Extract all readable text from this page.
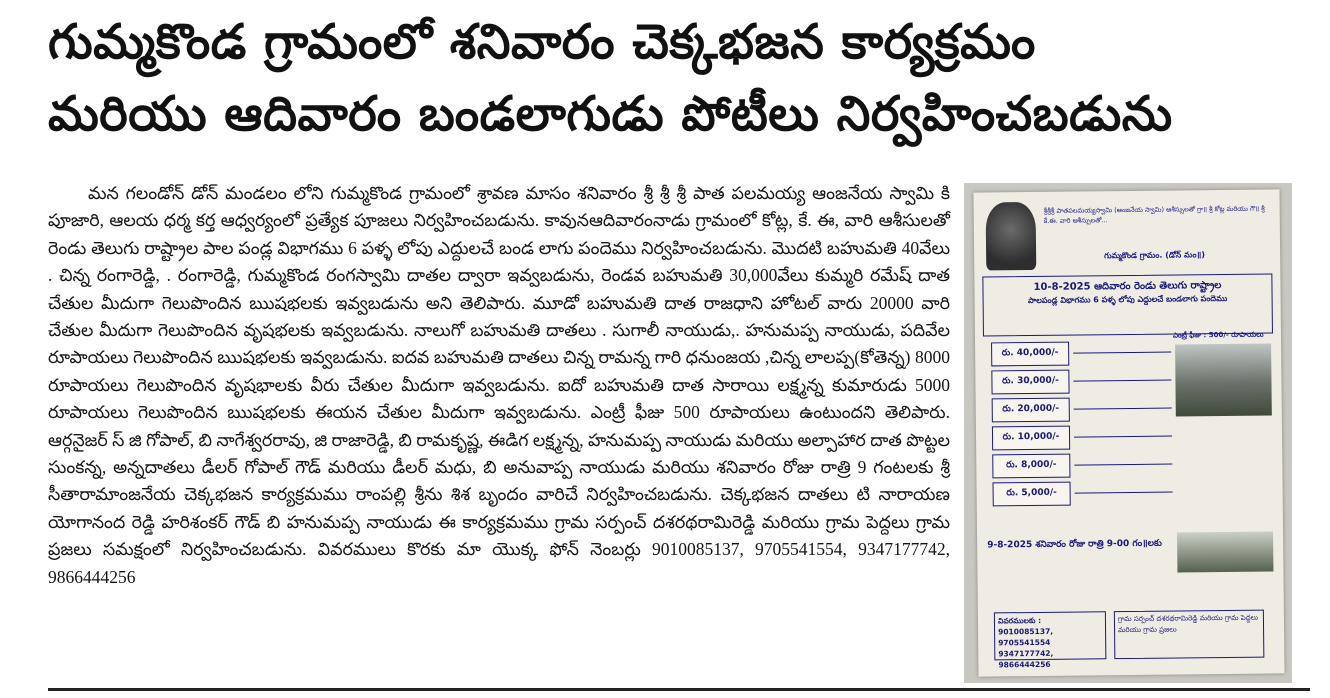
గుమ్మకొండ గ్రామంలో శనివారం చెక్కభజన కార్యక్రమం
మరియు ఆదివారం బండలాగుడు పోటీలు నిర్వహించబడును

మన గలండోన్ డోన్ మండలం లోని గుమ్మకొండ గ్రామంలో శ్రావణ మాసం శనివారం శ్రీ శ్రీ శ్రీ పాత పలమయ్య ఆంజనేయ స్వామి కి పూజారి, ఆలయ ధర్మ కర్త ఆధ్వర్యంలో ప్రత్యేక పూజలు నిర్వహించబడును. కావునఆదివారంనాడు గ్రామంలో కోట్ల, కే. ఈ, వారి ఆశీసులతో రెండు తెలుగు రాష్ట్రాల పాల పండ్ల విభాగము 6 పళ్ళ లోపు ఎద్దులచే బండ లాగు పందెము నిర్వహించబడును. మొదటి బహుమతి 40వేలు . చిన్న రంగారెడ్డి, . రంగారెడ్డి, గుమ్మకొండ రంగస్వామి దాతల ద్వారా ఇవ్వబడును, రెండవ బహుమతి 30,000వేలు కుమ్మరి రమేష్ దాత చేతుల మీదుగా గెలుపొందిన ఋషభలకు ఇవ్వబడును అని తెలిపారు. మూడో బహుమతి దాత రాజధాని హోటల్ వారు 20000 వారి చేతుల మీదుగా గెలుపొందిన వృషభలకు ఇవ్వబడును. నాలుగో బహుమతి దాతలు . సుగాలీ నాయుడు,. హనుమప్ప నాయుడు, పదివేల రూపాయలు గెలుపొందిన ఋషభలకు ఇవ్వబడును. ఐదవ బహుమతి దాతలు చిన్న రామన్న గారి ధనుంజయ ,చిన్న లాలప్ప(కోతెన్న) 8000 రూపాయలు గెలుపొందిన వృషభాలకు వీరు చేతుల మీదుగా ఇవ్వబడును. ఐదో బహుమతి దాత సారాయి లక్ష్మన్న కుమారుడు 5000 రూపాయలు గెలుపొందిన ఋషభలకు ఈయన చేతుల మీదుగా ఇవ్వబడును. ఎంట్రీ ఫీజు 500 రూపాయలు ఉంటుందని తెలిపారు. ఆర్గనైజర్ స్ జి గోపాల్, బి నాగేశ్వరరావు, జి రాజారెడ్డి, బి రామకృష్ణ, ఈడిగ లక్ష్మన్న, హనుమప్ప నాయుడు మరియు అల్పాహార దాత పొట్టల సుంకన్న, అన్నదాతలు డీలర్ గోపాల్ గౌడ్ మరియు డీలర్ మధు, బి అనువాప్ప నాయుడు మరియు శనివారం రోజు రాత్రి 9 గంటలకు శ్రీ సీతారామాంజనేయ చెక్కభజన కార్యక్రమము రాంపల్లి శ్రీను శిశ బృందం వారిచే నిర్వహించబడును. చెక్కభజన దాతలు టి నారాయణ యోగానంద రెడ్డి హరిశంకర్ గౌడ్ బి హనుమప్ప నాయుడు ఈ కార్యక్రమము గ్రామ సర్పంచ్ దశరథరామిరెడ్డి మరియు గ్రామ పెద్దలు గ్రామ ప్రజలు సమక్షంలో నిర్వహించబడును. వివరములు కొరకు మా యొక్క ఫోన్ నెంబర్లు 9010085137, 9705541554, 9347177742, 9866444256

శ్రీశ్రీశ్రీ పాతపలమయ్యస్వామి (ఆంజనేయ స్వామి) ఆశీస్సులతో గ్రా॥ శ్రీ కోట్ల మరియు గౌ॥ శ్రీ కే.ఈ. వారి ఆశీస్సులతో...
గుమ్మకొండ గ్రామం. (డోన్ మం॥)
10-8-2025 ఆదివారం రెండు తెలుగు రాష్ట్రాల
పాలపండ్ల విభాగము 6 పళ్ళ లోపు ఎద్దులచే బండలాగు పందెము
రు. 40,000/-
రు. 30,000/-
రు. 20,000/-
రు. 10,000/-
రు. 8,000/-
రు. 5,000/-
ఎంట్రీ ఫీజు : 500/- రూపాయలు
9-8-2025 శనివారం రోజు రాత్రి 9-00 గం॥లకు
వివరములకు :
9010085137, 9705541554
9347177742, 9866444256
గ్రామ సర్పంచ్ దశరథరామిరెడ్డి మరియు గ్రామ పెద్దలు మరియు గ్రామ ప్రజలు
